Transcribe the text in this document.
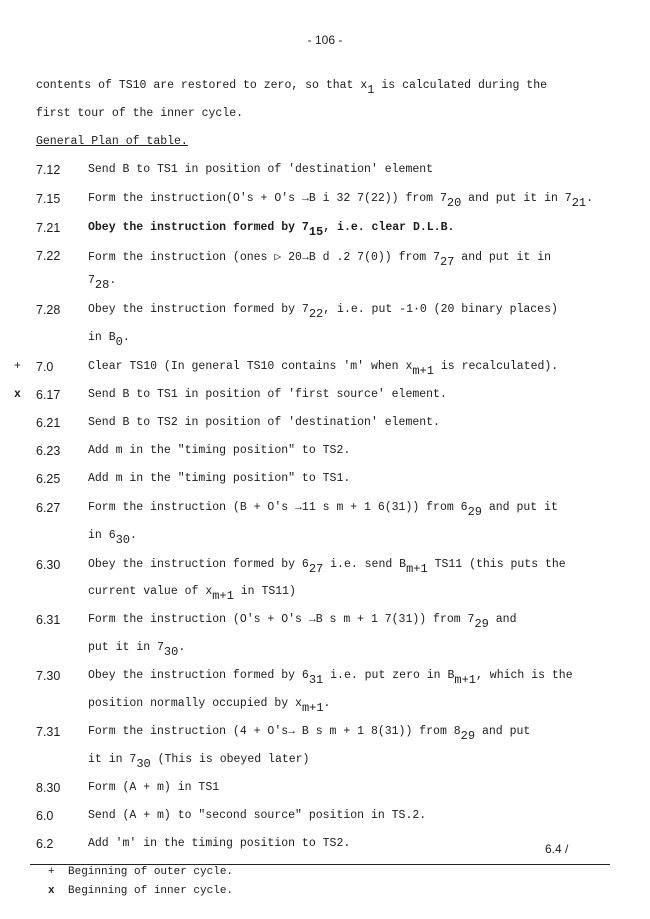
- 106 -
contents of TS10 are restored to zero, so that $x_1$ is calculated during the
first tour of the inner cycle.
General Plan of table.
7.12 Send B to TS1 in position of 'destination' element
7.15 Form the instruction(O's + O's →B i 32 7(22)) from $7_{20}$ and put it in $7_{21}$.
7.21 Obey the instruction formed by $7_{15}$, i.e. clear D.L.B.
7.22 Form the instruction (ones ▷ 20→B d .2 7(0)) from $7_{27}$ and put it in
$7_{28}$.
7.28 Obey the instruction formed by $7_{22}$, i.e. put -1·0 (20 binary places)
in $B_0$.
+ 7.0	Clear TS10 (In general TS10 contains 'm' when $x_{m+1}$ is recalculated).
x 6.17 Send B to TS1 in position of 'first source' element.
6.21 Send B to TS2 in position of 'destination' element.
6.23 Add m in the "timing position" to TS2.
6.25 Add m in the "timing position" to TS1.
6.27 Form the instruction (B + O's →11 s m + 1 6(31)) from $6_{29}$ and put it
in $6_{30}$.
6.30 Obey the instruction formed by $6_{27}$ i.e. send $B_{m+1}$ TS11 (this puts the
current value of $x_{m+1}$ in TS11)
6.31 Form the instruction (O's + O's →B s m + 1 7(31)) from $7_{29}$ and
put it in $7_{30}$.
7.30 Obey the instruction formed by $6_{31}$ i.e. put zero in $B_{m+1}$, which is the
position normally occupied by $x_{m+1}$.
7.31 Form the instruction (4 + O's→ B s m + 1 8(31)) from $8_{29}$ and put
it in $7_{30}$ (This is obeyed later)
8.30 Form (A + m) in TS1
6.0	Send (A + m) to "second source" position in TS.2.
6.2	Add 'm' in the timing position to TS2.	6.4 /
+ Beginning of outer cycle.
x Beginning of inner cycle.
